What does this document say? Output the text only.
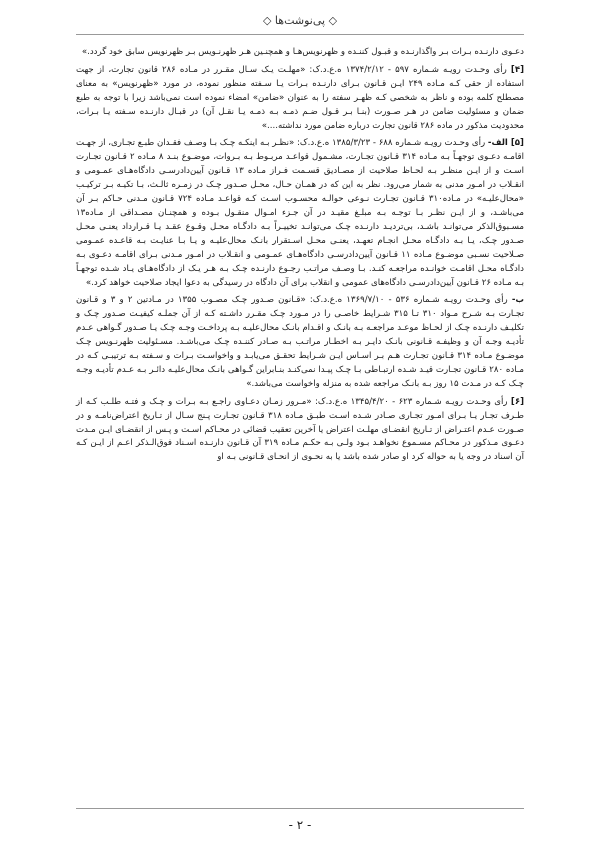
◇ پی‌نوشت‌ها ◇

دعـوی دارنـده بـرات بـر واگذارنـده و قبـول کننـده و ظهرنویس‌هـا و همچنـین هـر ظهرنـویس بـر ظهرنویس سابق خود گردد.»

[۴] رأی وحـدت رویـه شـماره ۵۹۷ - ۱۳۷۴/۲/۱۲ ه‌.ع‌.د‌.ک: «مهلـت یـک سـال مقـرر در مـاده ۲۸۶ قانون تجارت، از جهت استفاده از حقی کـه مـاده ۲۴۹ ایـن قـانون بـرای دارنـده بـرات یـا سـفته منظور نموده، در مورد «ظهرنویس» به معنای مصطلح کلمه بوده و ناظر به شخصی کـه ظهـر سفته را به عنوان «ضامن» امضاء نموده است نمی‌باشد زیرا با توجه به طبع ضمان و مسئولیت ضامن در هـر صـورت (بنـا بـر قـول ضـم ذمـه بـه ذمـه یـا نقـل آن) در قبـال دارنـده سـفته یـا بـرات، محدودیت مذکور در ماده ۲۸۶ قانون تجارت درباره ضامن مورد نداشته....»

[۵] الف- رأی وحـدت رویـه شـماره ۶۸۸ - ۱۳۸۵/۳/۲۳ ه‌.ع‌.د‌.ک: «نظـر بـه اینکـه چـک بـا وصـف فقـدان طبـع تجـاری، از جهـت اقامـه دعـوی توجهـاً بـه مـاده ۳۱۴ قـانون تجـارت، مشـمول قواعـد مربـوط بـه بـروات، موضـوع بنـد ۸ مـاده ۲ قـانون تجـارت اسـت و از ایـن منظـر بـه لحـاظ صلاحیت از مصـادیق قسـمت فـراز مـاده ۱۳ قـانون آیین‌دادرسـی دادگاه‌هـای عمـومی و انقـلاب در امـور مدنی به شمار می‌رود. نظر به این که در همـان حـال، محـل صـدور چـک در زمـره ثالـث، بـا تکیـه بـر ترکیـب «محال‌علیـه» در مـاده۳۱۰ قـانون تجـارت نـوعی حوالـه محسـوب اسـت کـه قواعـد مـاده ۷۲۴ قـانون مـدنی حـاکم بـر آن می‌باشـد، و از ایـن نظـر بـا توجـه بـه مبلـغ مقیـد در آن جـزء امـوال منقـول بـوده و همچنـان مصـداقی از مـاده۱۳ مسـبوق‌الذکر می‌توانـد باشـد، بی‌تردیـد دارنـده چـک می‌توانـد تخییـراً بـه دادگـاه محـل وقـوع عقـد یـا قـرارداد یعنـی محـل صـدور چـک، یـا بـه دادگـاه محـل انجـام تعهـد، یعنـی محـل اسـتقرار بانـک محال‌علیـه و یـا بـا عنایـت بـه قاعـده عمـومی صـلاحیت نسـبی موضـوع مـاده ۱۱ قـانون آیین‌دادرسـی دادگاه‌هـای عمـومی و انقـلاب در امـور مـدنی بـرای اقامـه دعـوی بـه دادگـاه محـل اقامـت خوانـده مراجعـه کنـد. بـا وصـف مراتـب رجـوع دارنـده چـک بـه هـر یـک از دادگاه‌هـای یـاد شـده توجهـاً بـه مـاده ۲۶ قـانون آیین‌دادرسـی دادگاه‌های عمومی و انقلاب برای آن دادگاه در رسیدگی به دعوا ایجاد صلاحیت خواهد کرد.»

ب- رأی وحـدت رویـه شـماره ۵۳۶ - ۱۳۶۹/۷/۱۰ ه‌.ع‌.د‌.ک: «قـانون صـدور چـک مصـوب ۱۳۵۵ در مـادتین ۲ و ۳ و قـانون تجـارت بـه شـرح مـواد ۳۱۰ تـا ۳۱۵ شـرایط خاصـی را در مـورد چـک مقـرر داشـته کـه از آن جملـه کیفیـت صـدور چـک و تکلیـف دارنـده چـک از لحـاظ موعـد مراجعـه بـه بانـک و اقـدام بانـک محال‌علیـه بـه پرداخـت وجـه چـک یـا صـدور گـواهی عـدم تأدیـه وجـه آن و وظیفـه قـانونی بانـک دایـر بـه اخطـار مراتـب بـه صـادر کننـده چـک می‌باشـد. مسـئولیت ظهرنـویس چـک موضـوع مـاده ۳۱۴ قـانون تجـارت هـم بـر اسـاس ایـن شـرایط تحقـق می‌یابـد و واخواسـت بـرات و سـفته بـه ترتیبـی کـه در مـاده ۲۸۰ قـانون تجـارت قیـد شـده ارتبـاطی بـا چـک پیـدا نمی‌کنـد بنـابراین گـواهی بانـک محال‌علیـه دائـر بـه عـدم تأدیـه وجـه چـک کـه در مـدت ۱۵ روز بـه بانـک مراجعه شده به منزله واخواست می‌باشد.»

[۶] رأی وحـدت رویـه شـماره ۶۲۳ - ۱۳۴۵/۴/۲۰ ه‌.ع‌.د‌.ک: «مـرور زمـان دعـاوی راجـع بـه بـرات و چـک و فتـه طلـب کـه از طـرف تجـار یـا بـرای امـور تجـاری صـادر شـده اسـت طبـق مـاده ۳۱۸ قـانون تجـارت پـنج سـال از تـاریخ اعتراض‌نامـه و در صـورت عـدم اعتـراض از تـاریخ انقضـای مهلـت اعتراض یا آخرین تعقیب قضائی در محـاکم اسـت و پـس از انقضـای ایـن مـدت دعـوی مـذکور در محـاکم مسـموع نخواهـد بـود ولـی بـه حکـم مـاده ۳۱۹ آن قـانون دارنـده اسـناد فوق‌الـذکر اعـم از ایـن کـه آن اسناد در وجه یا به حواله کرد او صادر شده باشد یا به نحـوی از انحـای قـانونی بـه او

- ۲ -
